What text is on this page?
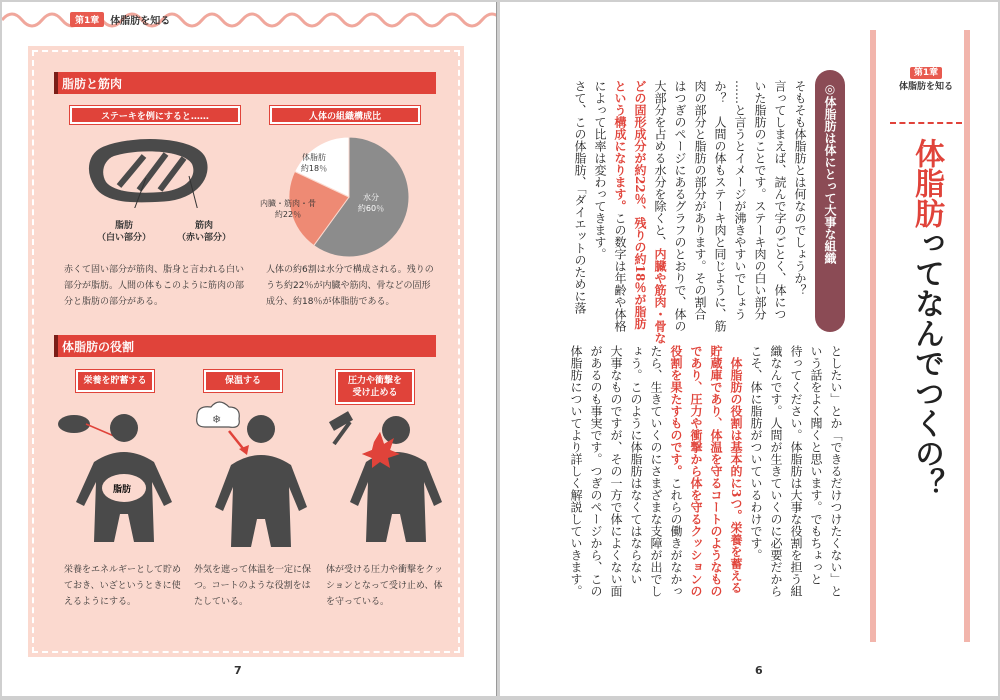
第1章	体脂肪を知る
脂肪と筋肉
ステーキを例にすると……	人体の組織構成比
脂肪
（白い部分）
筋肉
（赤い部分）
赤くて固い部分が筋肉、脂身と言われる白い部分が脂肪。人間の体もこのように筋肉の部分と脂肪の部分がある。
体脂肪
約18％
水分
約60％
内臓・筋肉・骨
約22％
人体の約6割は水分で構成される。残りのうち約22％が内臓や筋肉、骨などの固形成分、約18％が体脂肪である。
体脂肪の役割
栄養を貯蓄する	保温する	圧力や衝撃を
受け止める
脂肪
❄
栄養をエネルギーとして貯めておき、いざというときに使えるようにする。
外気を遮って体温を一定に保つ。コートのような役割をはたしている。
体が受ける圧力や衝撃をクッションとなって受け止め、体を守っている。
7
そもそも体脂肪とは何なのでしょうか？
言ってしまえば、読んで字のごとく、体につ
いた脂肪のことです。ステーキ肉の白い部分
……と言うとイメージが沸きやすいでしょう
か？　人間の体もステーキ肉と同じように、筋
肉の部分と脂肪の部分があります。その割合
はつぎのページにあるグラフのとおりで、体の
大部分を占める水分を除くと、内臓や筋肉・骨な
どの固形成分が約22％、残りの約18％が脂肪
という構成になります。この数字は年齢や体格
によって比率は変わってきます。
さて、この体脂肪、「ダイエットのために落	◎体脂肪は体にとって大事な組織
第1章
体脂肪を知る
体脂肪ってなんでつくの？
6
としたい」とか「できるだけつけたくない」と
いう話をよく聞くと思います。でもちょっと
待ってください。体脂肪は大事な役割を担う組
織なんです。人間が生きていくのに必要だから
こそ、体に脂肪がついているわけです。
　体脂肪の役割は基本的に3つ。栄養を蓄える
貯蔵庫であり、体温を守るコートのようなもの
であり、圧力や衝撃から体を守るクッションの
役割を果たすものです。これらの働きがなかっ
たら、生きていくのにさまざまな支障が出でし
ょう。このように体脂肪はなくてはならない
大事なものですが、その一方で体によくない面
があるのも事実です。つぎのページから、この
体脂肪についてより詳しく解説していきます。
